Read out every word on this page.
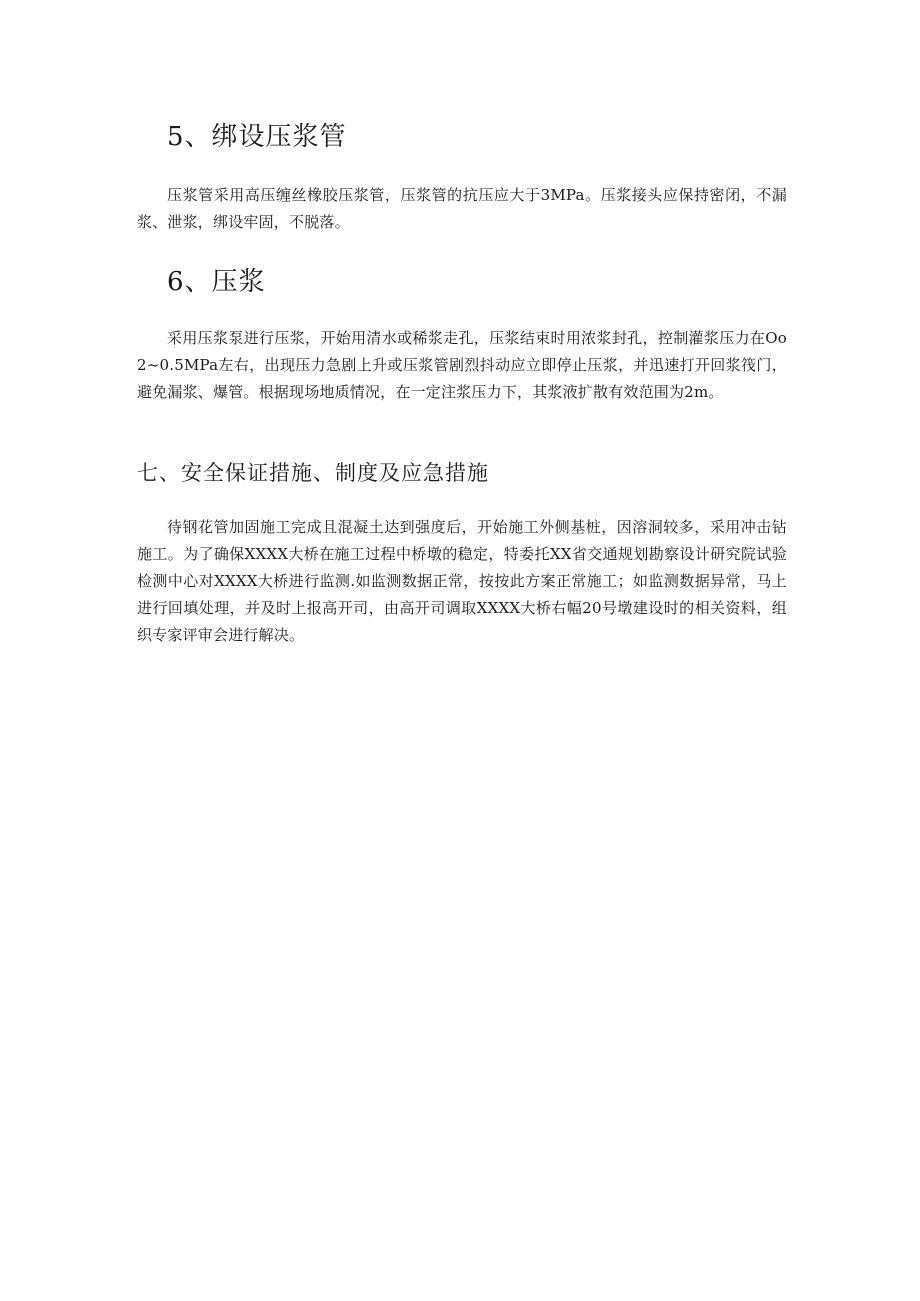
5、绑设压浆管

压浆管采用高压缠丝橡胶压浆管，压浆管的抗压应大于3MPa。压浆接头应保持密闭，不漏浆、泄浆，绑设牢固，不脱落。

6、压浆

采用压浆泵进行压浆，开始用清水或稀浆走孔，压浆结束时用浓浆封孔，控制灌浆压力在Oo2~0.5MPa左右，出现压力急剧上升或压浆管剧烈抖动应立即停止压浆，并迅速打开回浆筏门，避免漏浆、爆管。根据现场地质情况，在一定注浆压力下，其浆液扩散有效范围为2m。

七、安全保证措施、制度及应急措施

待钢花管加固施工完成且混凝土达到强度后，开始施工外侧基桩，因溶洞较多，采用冲击钻施工。为了确保XXXX大桥在施工过程中桥墩的稳定，特委托XX省交通规划勘察设计研究院试验检测中心对XXXX大桥进行监测.如监测数据正常，按按此方案正常施工；如监测数据异常，马上进行回填处理，并及时上报高开司，由高开司调取XXXX大桥右幅20号墩建设时的相关资料，组织专家评审会进行解决。
